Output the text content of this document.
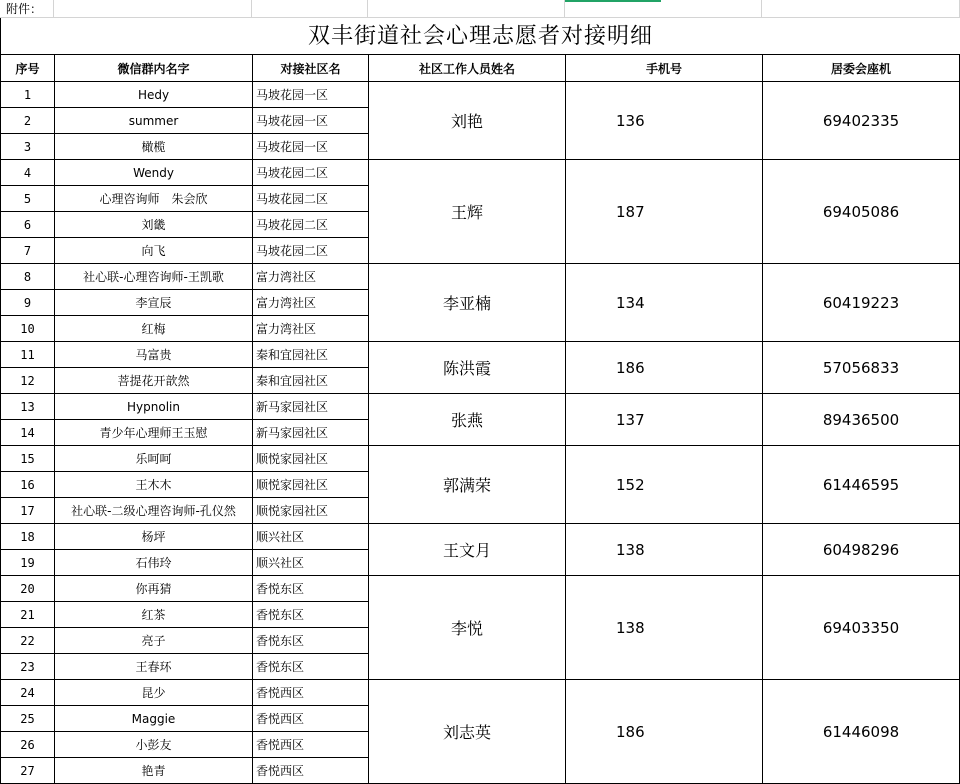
附件：
双丰街道社会心理志愿者对接明细
序号	微信群内名字	对接社区名	社区工作人员姓名	手机号	居委会座机
1	Hedy	马坡花园一区	刘艳	136	69402335
2	summer	马坡花园一区			
3	橄榄	马坡花园一区			
4	Wendy	马坡花园二区	王辉	187	69405086
5	心理咨询师　朱会欣	马坡花园二区			
6	刘畿	马坡花园二区			
7	向飞	马坡花园二区			
8	社心联-心理咨询师-王凯歌	富力湾社区	李亚楠	134	60419223
9	李宣辰	富力湾社区			
10	红梅	富力湾社区			
11	马富贵	秦和宜园社区	陈洪霞	186	57056833
12	菩提花开歆然	秦和宜园社区			
13	Hypnolin	新马家园社区	张燕	137	89436500
14	青少年心理师王玉慰	新马家园社区			
15	乐呵呵	顺悦家园社区	郭满荣	152	61446595
16	王木木	顺悦家园社区			
17	社心联-二级心理咨询师-孔仪然	顺悦家园社区			
18	杨坪	顺兴社区	王文月	138	60498296
19	石伟玲	顺兴社区			
20	你再猜	香悦东区	李悦	138	69403350
21	红茶	香悦东区			
22	亮子	香悦东区			
23	王春环	香悦东区			
24	昆少	香悦西区	刘志英	186	61446098
25	Maggie	香悦西区			
26	小彭友	香悦西区			
27	艳青	香悦西区			
